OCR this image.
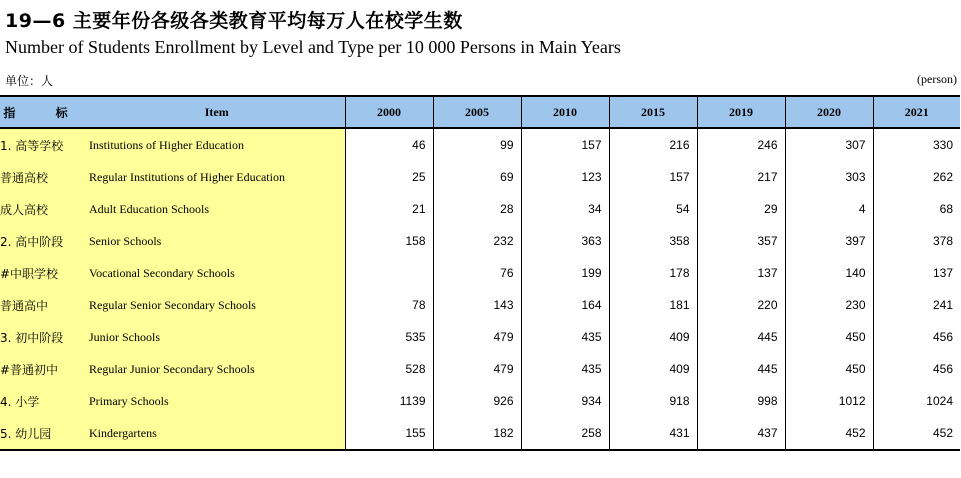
19—6 主要年份各级各类教育平均每万人在校学生数
Number of Students Enrollment by Level and Type per 10 000 Persons in Main Years
单位：人	(person)
指 标	Item	2000	2005	2010	2015	2019	2020	2021
1. 高等学校	Institutions of Higher Education	46	99	157	216	246	307	330
普通高校	Regular Institutions of Higher Education	25	69	123	157	217	303	262
成人高校	Adult Education Schools	21	28	34	54	29	4	68
2. 高中阶段	Senior Schools	158	232	363	358	357	397	378
#中职学校	Vocational Secondary Schools		76	199	178	137	140	137
普通高中	Regular Senior Secondary Schools	78	143	164	181	220	230	241
3. 初中阶段	Junior Schools	535	479	435	409	445	450	456
#普通初中	Regular Junior Secondary Schools	528	479	435	409	445	450	456
4. 小学	Primary Schools	1139	926	934	918	998	1012	1024
5. 幼儿园	Kindergartens	155	182	258	431	437	452	452
